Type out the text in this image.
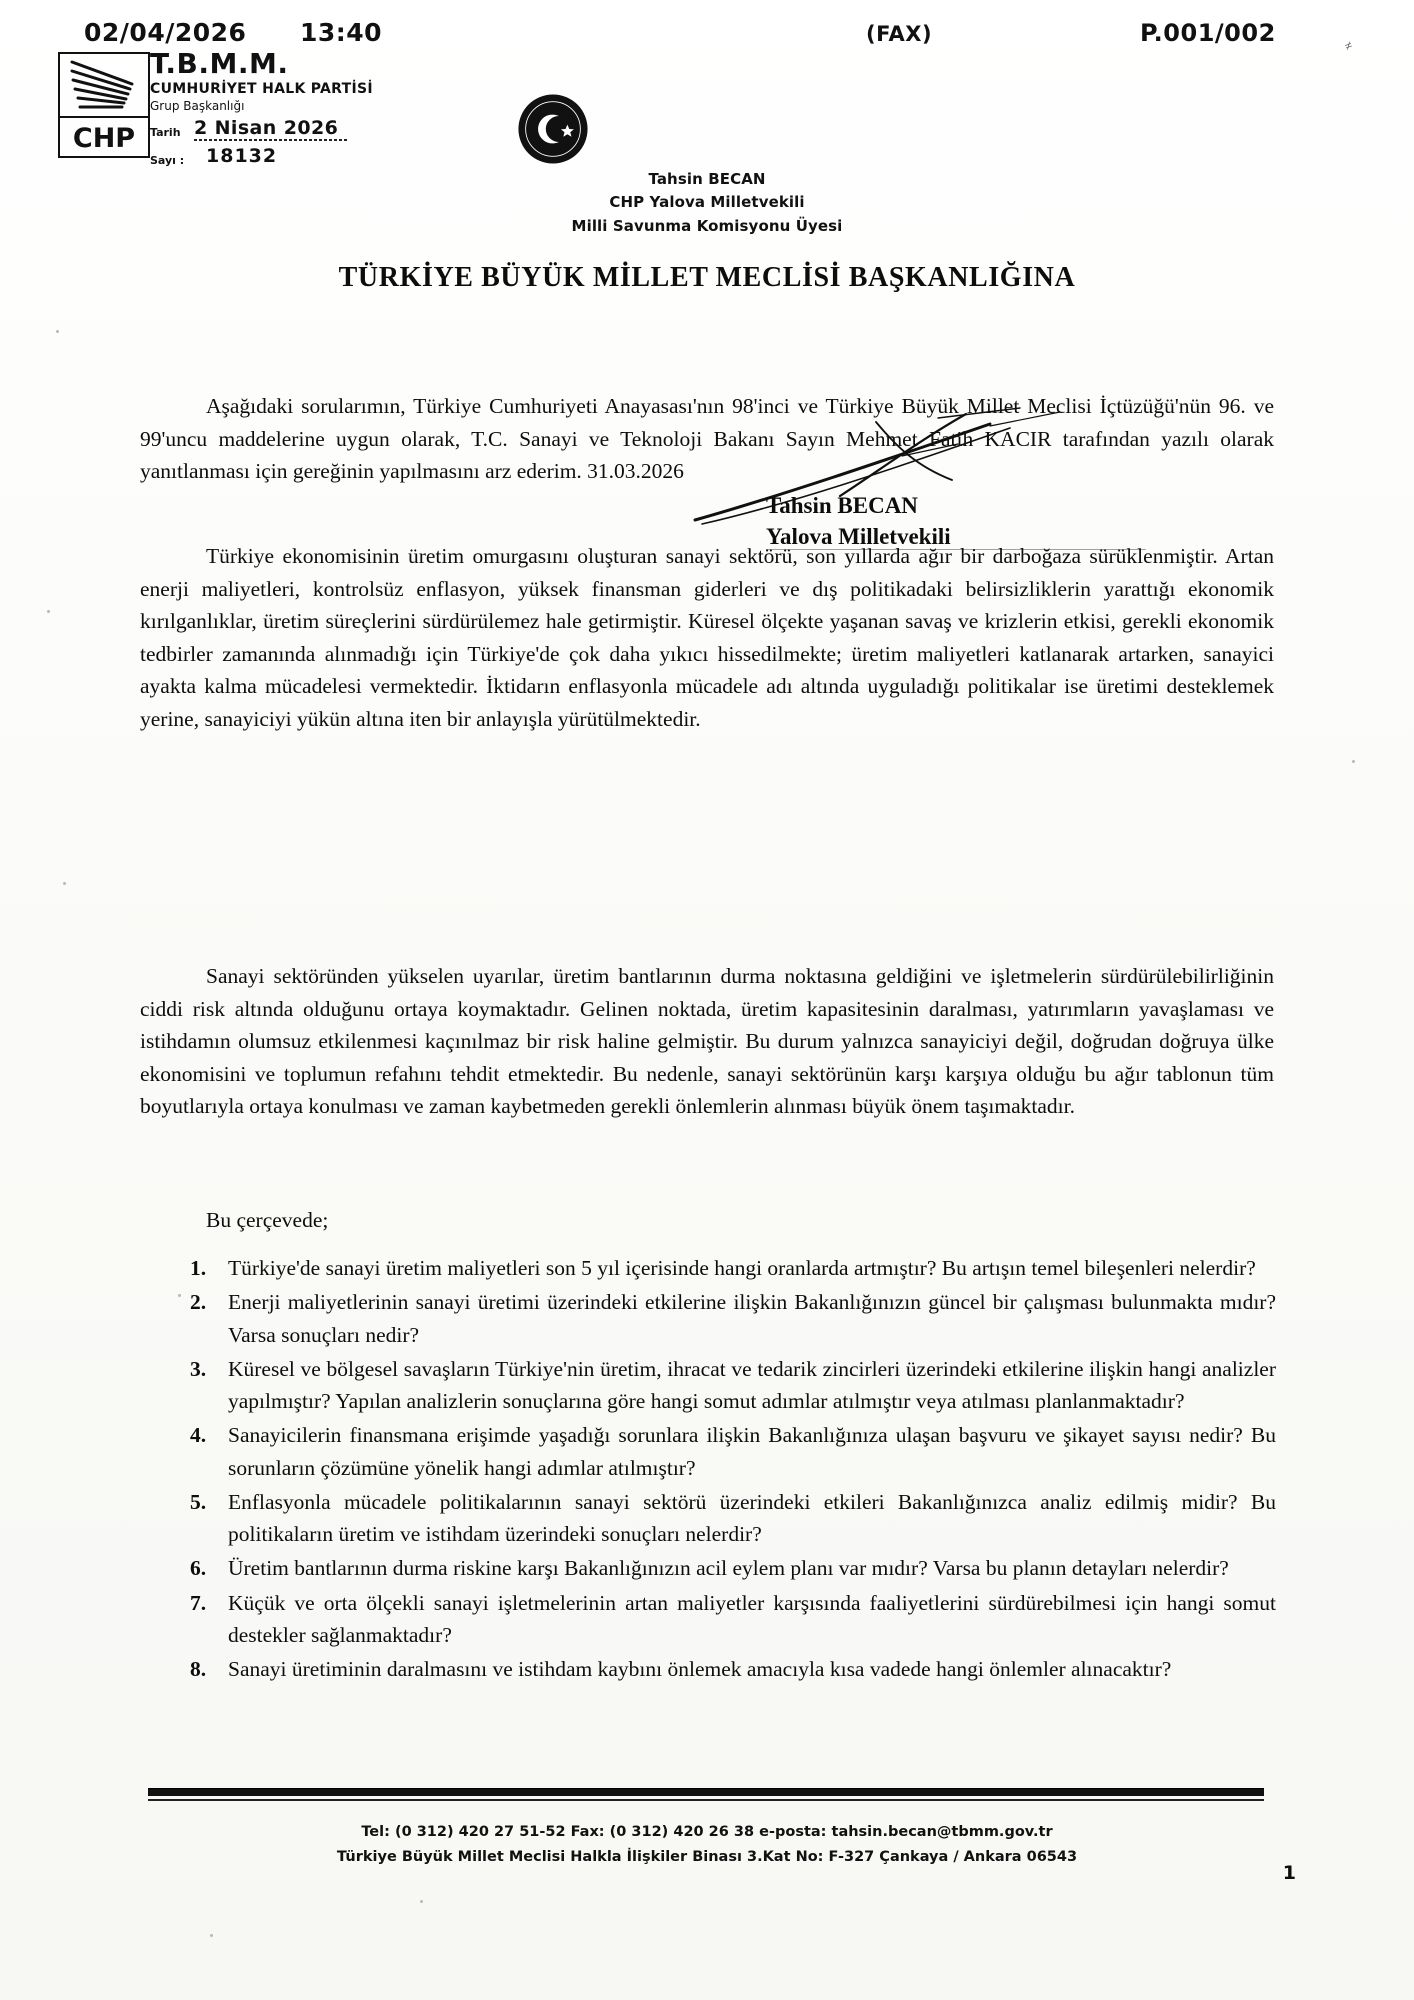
02/04/2026 13:40	(FAX)	P.001/002	≠
CHP
T.B.M.M.
CUMHURİYET HALK PARTİSİ
Grup Başkanlığı
Tarih 2 Nisan 2026
Sayı :	18132
Tahsin BECAN
CHP Yalova Milletvekili
Milli Savunma Komisyonu Üyesi
TÜRKİYE BÜYÜK MİLLET MECLİSİ BAŞKANLIĞINA

Aşağıdaki sorularımın, Türkiye Cumhuriyeti Anayasası'nın 98'inci ve Türkiye Büyük Millet Meclisi İçtüzüğü'nün 96. ve 99'uncu maddelerine uygun olarak, T.C. Sanayi ve Teknoloji Bakanı Sayın Mehmet Fatih KACIR tarafından yazılı olarak yanıtlanması için gereğinin yapılmasını arz ederim. 31.03.2026

Tahsin BECAN
Yalova Milletvekili

Türkiye ekonomisinin üretim omurgasını oluşturan sanayi sektörü, son yıllarda ağır bir darboğaza sürüklenmiştir. Artan enerji maliyetleri, kontrolsüz enflasyon, yüksek finansman giderleri ve dış politikadaki belirsizliklerin yarattığı ekonomik kırılganlıklar, üretim süreçlerini sürdürülemez hale getirmiştir. Küresel ölçekte yaşanan savaş ve krizlerin etkisi, gerekli ekonomik tedbirler zamanında alınmadığı için Türkiye'de çok daha yıkıcı hissedilmekte; üretim maliyetleri katlanarak artarken, sanayici ayakta kalma mücadelesi vermektedir. İktidarın enflasyonla mücadele adı altında uyguladığı politikalar ise üretimi desteklemek yerine, sanayiciyi yükün altına iten bir anlayışla yürütülmektedir.

Sanayi sektöründen yükselen uyarılar, üretim bantlarının durma noktasına geldiğini ve işletmelerin sürdürülebilirliğinin ciddi risk altında olduğunu ortaya koymaktadır. Gelinen noktada, üretim kapasitesinin daralması, yatırımların yavaşlaması ve istihdamın olumsuz etkilenmesi kaçınılmaz bir risk haline gelmiştir. Bu durum yalnızca sanayiciyi değil, doğrudan doğruya ülke ekonomisini ve toplumun refahını tehdit etmektedir. Bu nedenle, sanayi sektörünün karşı karşıya olduğu bu ağır tablonun tüm boyutlarıyla ortaya konulması ve zaman kaybetmeden gerekli önlemlerin alınması büyük önem taşımaktadır.

Bu çerçevede;
1.	Türkiye'de sanayi üretim maliyetleri son 5 yıl içerisinde hangi oranlarda artmıştır? Bu artışın temel bileşenleri nelerdir?
2.	Enerji maliyetlerinin sanayi üretimi üzerindeki etkilerine ilişkin Bakanlığınızın güncel bir çalışması bulunmakta mıdır? Varsa sonuçları nedir?
3.	Küresel ve bölgesel savaşların Türkiye'nin üretim, ihracat ve tedarik zincirleri üzerindeki etkilerine ilişkin hangi analizler yapılmıştır? Yapılan analizlerin sonuçlarına göre hangi somut adımlar atılmıştır veya atılması planlanmaktadır?
4.	Sanayicilerin finansmana erişimde yaşadığı sorunlara ilişkin Bakanlığınıza ulaşan başvuru ve şikayet sayısı nedir? Bu sorunların çözümüne yönelik hangi adımlar atılmıştır?
5.	Enflasyonla mücadele politikalarının sanayi sektörü üzerindeki etkileri Bakanlığınızca analiz edilmiş midir? Bu politikaların üretim ve istihdam üzerindeki sonuçları nelerdir?
6.	Üretim bantlarının durma riskine karşı Bakanlığınızın acil eylem planı var mıdır? Varsa bu planın detayları nelerdir?
7.	Küçük ve orta ölçekli sanayi işletmelerinin artan maliyetler karşısında faaliyetlerini sürdürebilmesi için hangi somut destekler sağlanmaktadır?
8.	Sanayi üretiminin daralmasını ve istihdam kaybını önlemek amacıyla kısa vadede hangi önlemler alınacaktır?
Tel: (0 312) 420 27 51-52 Fax: (0 312) 420 26 38 e-posta: tahsin.becan@tbmm.gov.tr
Türkiye Büyük Millet Meclisi Halkla İlişkiler Binası 3.Kat No: F-327 Çankaya / Ankara 06543
1
